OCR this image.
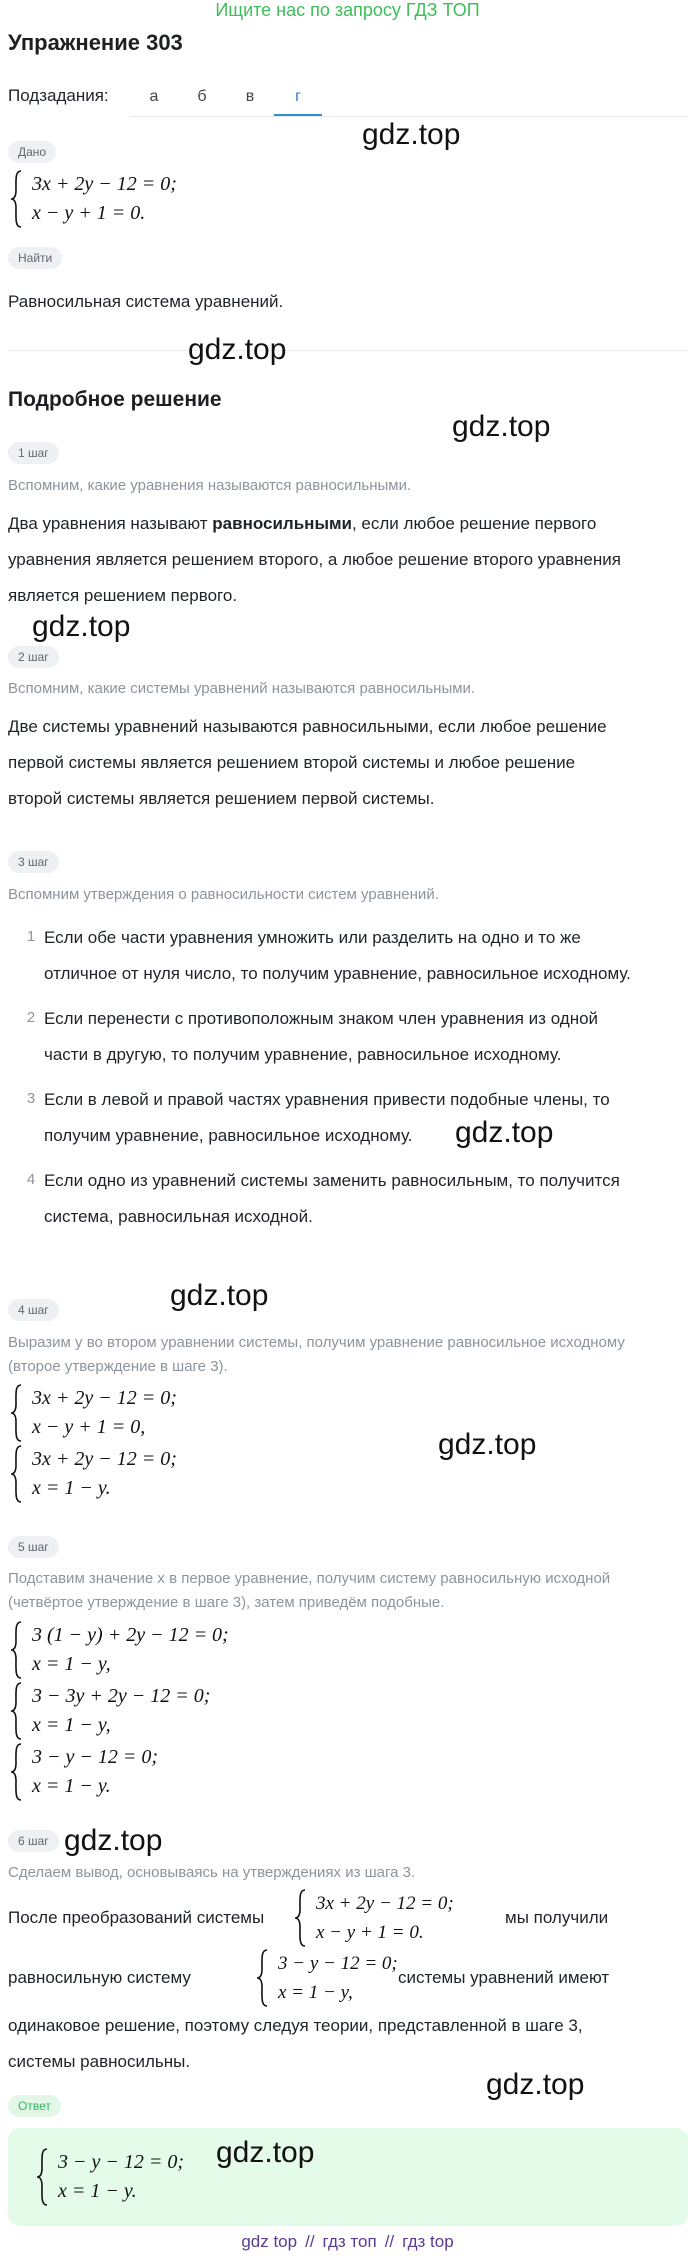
Ищите нас по запросу ГДЗ ТОП
Упражнение 303
Подзадания:	а	б	в	г
Дано
gdz.top
3x + 2y − 12 = 0;
x − y + 1 = 0.
Найти
Равносильная система уравнений.
gdz.top
Подробное решение
gdz.top
1 шаг
Вспомним, какие уравнения называются равносильными.
Два уравнения называют равносильными, если любое решение первого
уравнения является решением второго, а любое решение второго уравнения
является решением первого.
gdz.top
2 шаг
Вспомним, какие системы уравнений называются равносильными.
Две системы уравнений называются равносильными, если любое решение
первой системы является решением второй системы и любое решение
второй системы является решением первой системы.
3 шаг
Вспомним утверждения о равносильности систем уравнений.
1 Если обе части уравнения умножить или разделить на одно и то же
отличное от нуля число, то получим уравнение, равносильное исходному.
2 Если перенести с противоположным знаком член уравнения из одной
части в другую, то получим уравнение, равносильное исходному.
3 Если в левой и правой частях уравнения привести подобные члены, то
получим уравнение, равносильное исходному.	gdz.top
4 Если одно из уравнений системы заменить равносильным, то получится
система, равносильная исходной.
gdz.top
4 шаг
Выразим y во втором уравнении системы, получим уравнение равносильное исходному
(второе утверждение в шаге 3).
3x + 2y − 12 = 0;
x − y + 1 = 0,
3x + 2y − 12 = 0;
x = 1 − y.
gdz.top
5 шаг
Подставим значение x в первое уравнение, получим систему равносильную исходной
(четвёртое утверждение в шаге 3), затем приведём подобные.
3 (1 − y) + 2y − 12 = 0;
x = 1 − y,
3 − 3y + 2y − 12 = 0;
x = 1 − y,
3 − y − 12 = 0;
x = 1 − y.
6 шаг gdz.top
Сделаем вывод, основываясь на утверждениях из шага 3.
После преобразований системы
3x + 2y − 12 = 0;
x − y + 1 = 0.
мы получили
равносильную систему
3 − y − 12 = 0;
x = 1 − y,
системы уравнений имеют
одинаковое решение, поэтому следуя теории, представленной в шаге 3,
системы равносильны.
gdz.top
Ответ
3 − y − 12 = 0;
x = 1 − y.
gdz.top
gdz top // гдз топ // гдз top
